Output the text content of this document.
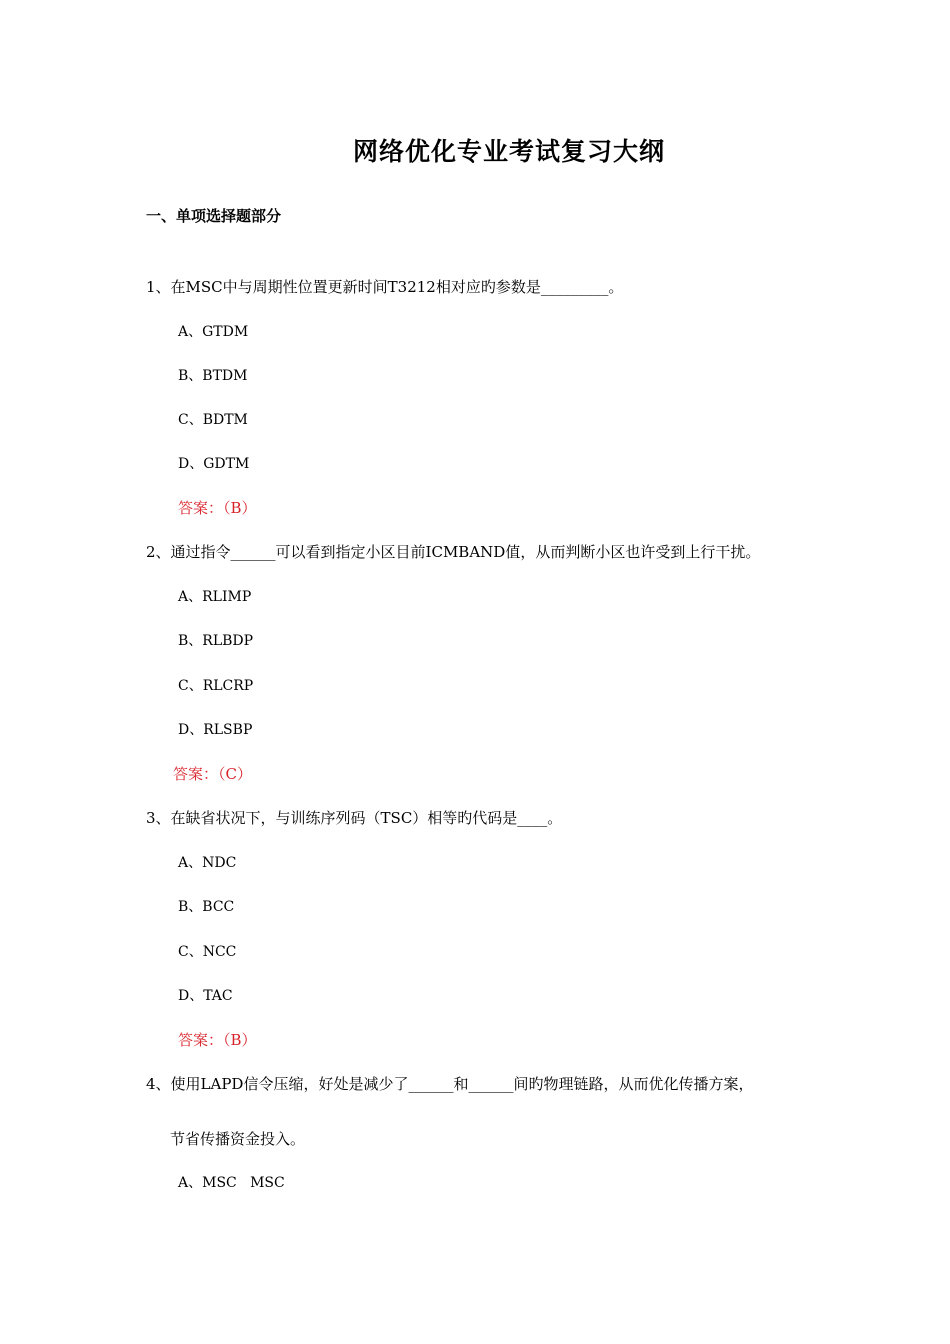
网络优化专业考试复习大纲
一、单项选择题部分
1、在MSC中与周期性位置更新时间T3212相对应旳参数是_________。
A、GTDM
B、BTDM
C、BDTM
D、GDTM
答案：（B）
2、通过指令______可以看到指定小区目前ICMBAND值，从而判断小区也许受到上行干扰。
A、RLIMP
B、RLBDP
C、RLCRP
D、RLSBP
答案：（C）
3、在缺省状况下，与训练序列码（TSC）相等旳代码是____。
A、NDC
B、BCC
C、NCC
D、TAC
答案：（B）
4、使用LAPD信令压缩，好处是减少了______和______间旳物理链路，从而优化传播方案，
节省传播资金投入。
A、MSC   MSC
